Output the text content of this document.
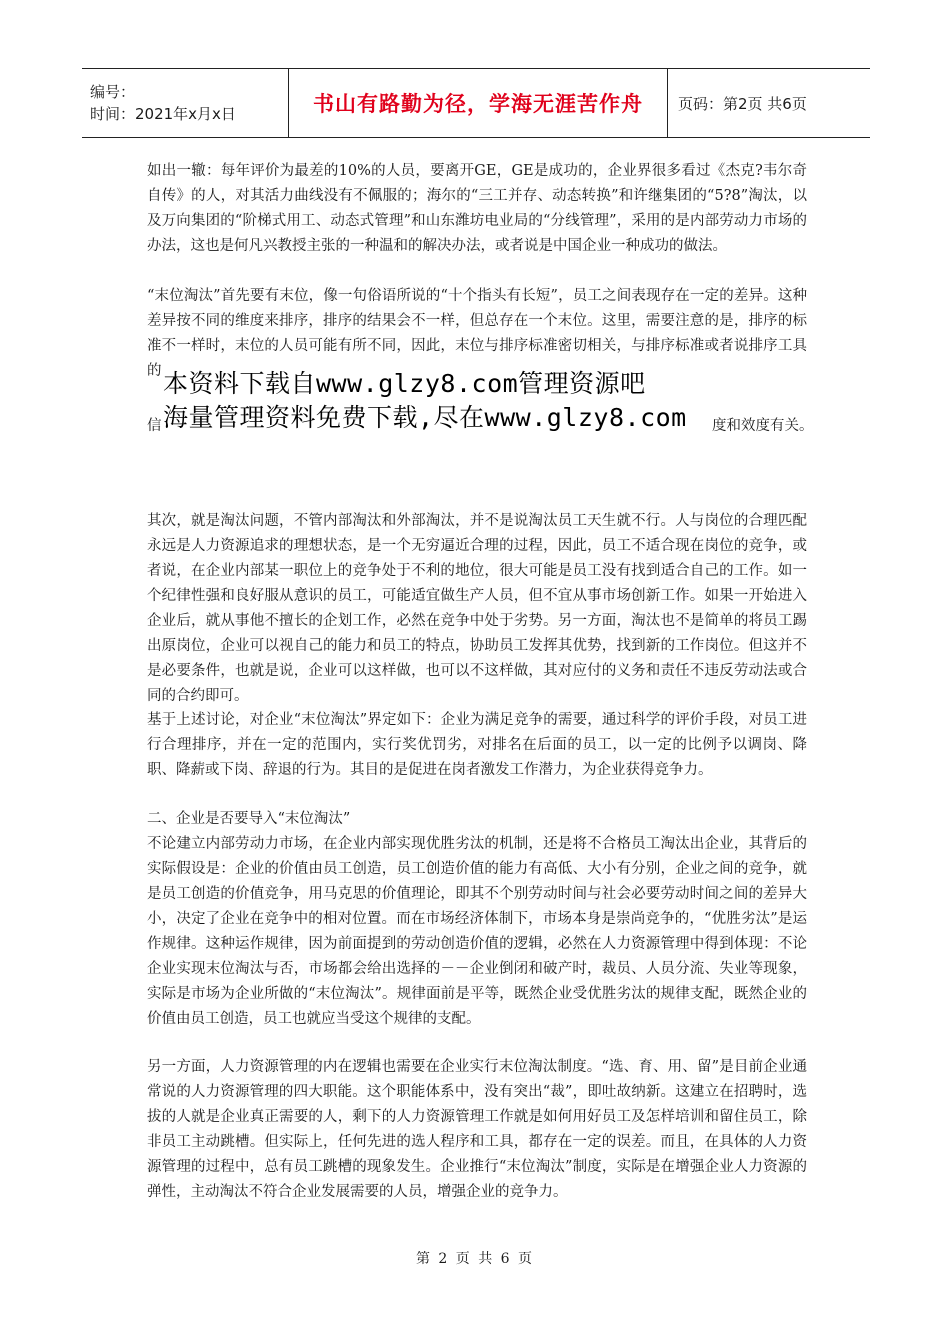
编号：
时间：2021年x月x日	书山有路勤为径，学海无涯苦作舟 页码：第2页 共6页

如出一辙：每年评价为最差的10%的人员，要离开GE，GE是成功的，企业界很多看过《杰克?韦尔奇自传》的人，对其活力曲线没有不佩服的；海尔的“三工并存、动态转换”和许继集团的“5?8”淘汰，以及万向集团的“阶梯式用工、动态式管理”和山东潍坊电业局的“分线管理”，采用的是内部劳动力市场的办法，这也是何凡兴教授主张的一种温和的解决办法，或者说是中国企业一种成功的做法。

“末位淘汰”首先要有末位，像一句俗语所说的“十个指头有长短”，员工之间表现存在一定的差异。这种差异按不同的维度来排序，排序的结果会不一样，但总存在一个末位。这里，需要注意的是，排序的标准不一样时，末位的人员可能有所不同，因此，末位与排序标准密切相关，与排序标准或者说排序工具的 本资料下载自www.glzy8.com管理资源吧
信 海量管理资料免费下载,尽在www.glzy8.com 度和效度有关。

其次，就是淘汰问题，不管内部淘汰和外部淘汰，并不是说淘汰员工天生就不行。人与岗位的合理匹配永远是人力资源追求的理想状态，是一个无穷逼近合理的过程，因此，员工不适合现在岗位的竞争，或者说，在企业内部某一职位上的竞争处于不利的地位，很大可能是员工没有找到适合自己的工作。如一个纪律性强和良好服从意识的员工，可能适宜做生产人员，但不宜从事市场创新工作。如果一开始进入企业后，就从事他不擅长的企划工作，必然在竞争中处于劣势。另一方面，淘汰也不是简单的将员工踢出原岗位，企业可以视自己的能力和员工的特点，协助员工发挥其优势，找到新的工作岗位。但这并不是必要条件，也就是说，企业可以这样做，也可以不这样做，其对应付的义务和责任不违反劳动法或合同的合约即可。

基于上述讨论，对企业“末位淘汰”界定如下：企业为满足竞争的需要，通过科学的评价手段，对员工进行合理排序，并在一定的范围内，实行奖优罚劣，对排名在后面的员工，以一定的比例予以调岗、降职、降薪或下岗、辞退的行为。其目的是促进在岗者激发工作潜力，为企业获得竞争力。

二、企业是否要导入“末位淘汰”

不论建立内部劳动力市场，在企业内部实现优胜劣汰的机制，还是将不合格员工淘汰出企业，其背后的实际假设是：企业的价值由员工创造，员工创造价值的能力有高低、大小有分别，企业之间的竞争，就是员工创造的价值竞争，用马克思的价值理论，即其不个别劳动时间与社会必要劳动时间之间的差异大小，决定了企业在竞争中的相对位置。而在市场经济体制下，市场本身是崇尚竞争的，“优胜劣汰”是运作规律。这种运作规律，因为前面提到的劳动创造价值的逻辑，必然在人力资源管理中得到体现：不论企业实现末位淘汰与否，市场都会给出选择的－－企业倒闭和破产时，裁员、人员分流、失业等现象，实际是市场为企业所做的“末位淘汰”。规律面前是平等，既然企业受优胜劣汰的规律支配，既然企业的价值由员工创造，员工也就应当受这个规律的支配。

另一方面，人力资源管理的内在逻辑也需要在企业实行末位淘汰制度。“选、育、用、留”是目前企业通常说的人力资源管理的四大职能。这个职能体系中，没有突出“裁”，即吐故纳新。这建立在招聘时，选拔的人就是企业真正需要的人，剩下的人力资源管理工作就是如何用好员工及怎样培训和留住员工，除非员工主动跳槽。但实际上，任何先进的选人程序和工具，都存在一定的误差。而且，在具体的人力资源管理的过程中，总有员工跳槽的现象发生。企业推行“末位淘汰”制度，实际是在增强企业人力资源的弹性，主动淘汰不符合企业发展需要的人员，增强企业的竞争力。

第 2 页 共 6 页
